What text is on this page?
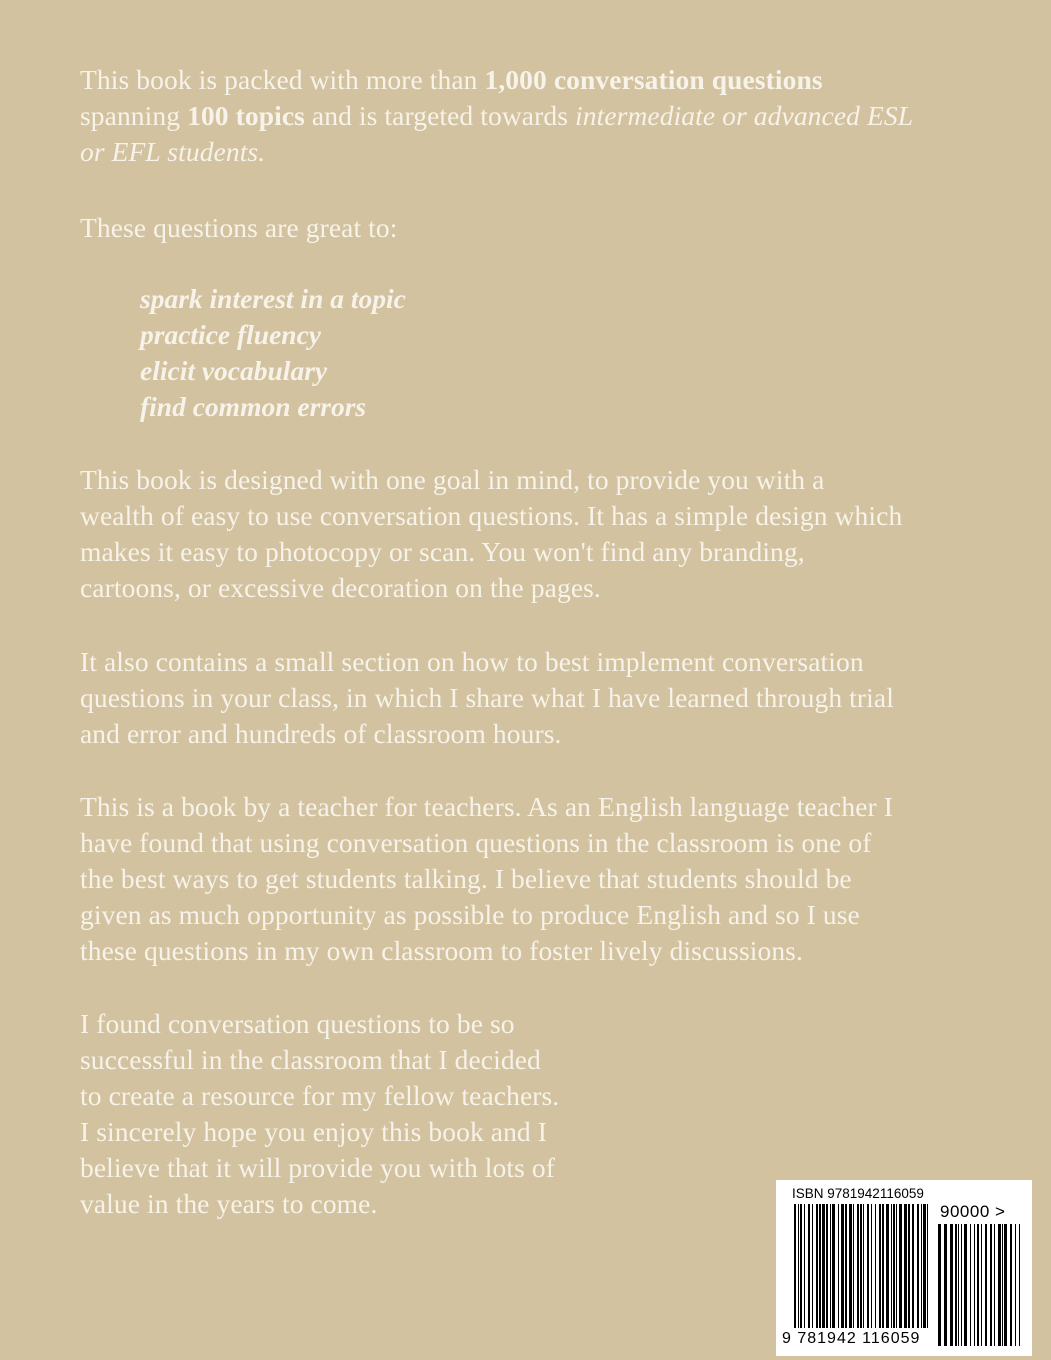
This book is packed with more than 1,000 conversation questions
spanning 100 topics and is targeted towards intermediate or advanced ESL
or EFL students.

These questions are great to:

spark interest in a topic

practice fluency

elicit vocabulary

find common errors

This book is designed with one goal in mind, to provide you with a
wealth of easy to use conversation questions. It has a simple design which
makes it easy to photocopy or scan. You won't find any branding,
cartoons, or excessive decoration on the pages.

It also contains a small section on how to best implement conversation
questions in your class, in which I share what I have learned through trial
and error and hundreds of classroom hours.

This is a book by a teacher for teachers. As an English language teacher I
have found that using conversation questions in the classroom is one of
the best ways to get students talking. I believe that students should be
given as much opportunity as possible to produce English and so I use
these questions in my own classroom to foster lively discussions.

I found conversation questions to be so
successful in the classroom that I decided
to create a resource for my fellow teachers.
I sincerely hope you enjoy this book and I
believe that it will provide you with lots of
value in the years to come.	ISBN 9781942116059
90000 >
9 781942 116059
